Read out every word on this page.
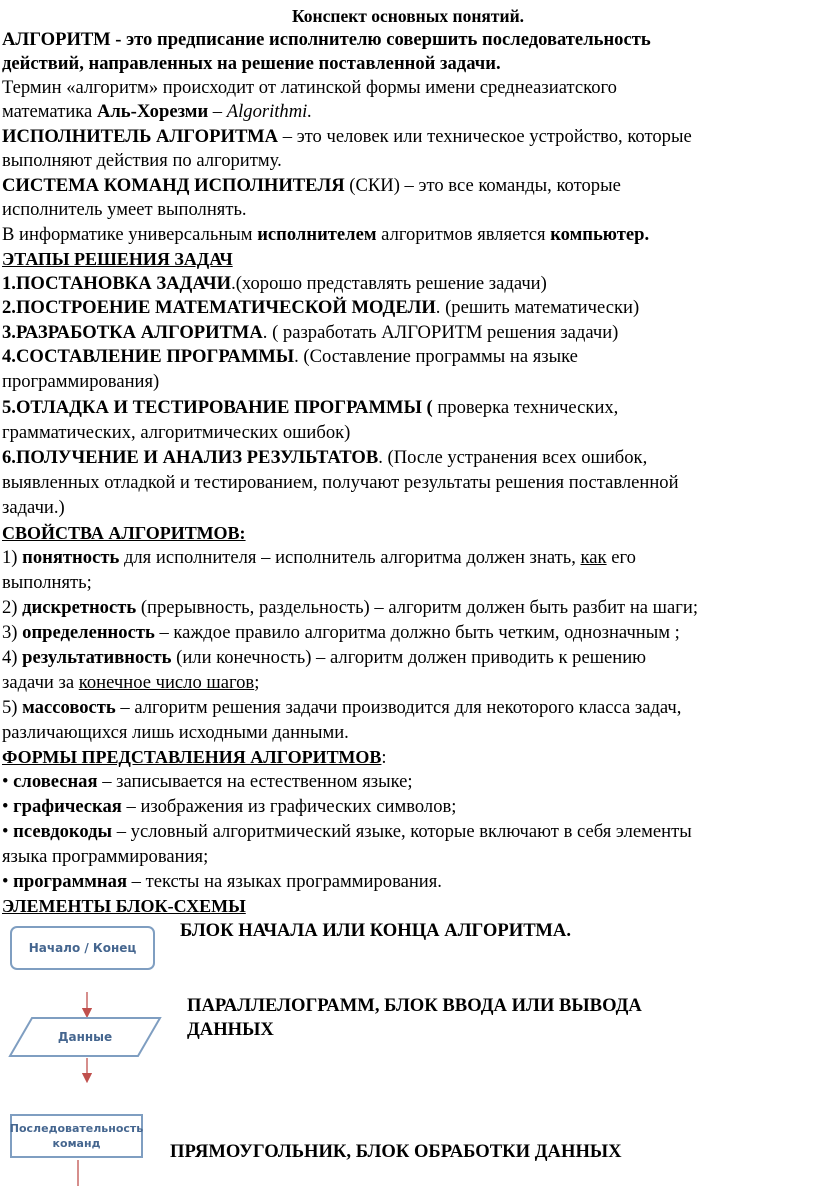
Конспект основных понятий.
АЛГОРИТМ - это предписание исполнителю совершить последовательность
действий, направленных на решение поставленной задачи.
Термин «алгоритм» происходит от латинской формы имени среднеазиатского
математика Аль-Хорезми – Algorithmi.
ИСПОЛНИТЕЛЬ АЛГОРИТМА – это человек или техническое устройство, которые
выполняют действия по алгоритму.
СИСТЕМА КОМАНД ИСПОЛНИТЕЛЯ (СКИ) – это все команды, которые
исполнитель умеет выполнять.
В информатике универсальным исполнителем алгоритмов является компьютер.
ЭТАПЫ РЕШЕНИЯ ЗАДАЧ
1.ПОСТАНОВКА ЗАДАЧИ.(хорошо представлять решение задачи)
2.ПОСТРОЕНИЕ МАТЕМАТИЧЕСКОЙ МОДЕЛИ. (решить математически)
3.РАЗРАБОТКА АЛГОРИТМА. ( разработать АЛГОРИТМ решения задачи)
4.СОСТАВЛЕНИЕ ПРОГРАММЫ. (Составление программы на языке
программирования)
5.ОТЛАДКА И ТЕСТИРОВАНИЕ ПРОГРАММЫ ( проверка технических,
грамматических, алгоритмических ошибок)
6.ПОЛУЧЕНИЕ И АНАЛИЗ РЕЗУЛЬТАТОВ. (После устранения всех ошибок,
выявленных отладкой и тестированием, получают результаты решения поставленной
задачи.)
СВОЙСТВА АЛГОРИТМОВ:
1) понятность для исполнителя – исполнитель алгоритма должен знать, как его
выполнять;
2) дискретность (прерывность, раздельность) – алгоритм должен быть разбит на шаги;
3) определенность – каждое правило алгоритма должно быть четким, однозначным ;
4) результативность (или конечность) – алгоритм должен приводить к решению
задачи за конечное число шагов;
5) массовость – алгоритм решения задачи производится для некоторого класса задач,
различающихся лишь исходными данными.
ФОРМЫ ПРЕДСТАВЛЕНИЯ АЛГОРИТМОВ:
• словесная – записывается на естественном языке;
• графическая – изображения из графических символов;
• псевдокоды – условный алгоритмический языке, которые включают в себя элементы
языка программирования;
• программная – тексты на языках программирования.
ЭЛЕМЕНТЫ БЛОК-СХЕМЫ
Начало / Конец
БЛОК НАЧАЛА ИЛИ КОНЦА АЛГОРИТМА.
Данные
ПАРАЛЛЕЛОГРАММ, БЛОК ВВОДА ИЛИ ВЫВОДА
ДАННЫХ
Последовательность
команд	ПРЯМОУГОЛЬНИК, БЛОК ОБРАБОТКИ ДАННЫХ
